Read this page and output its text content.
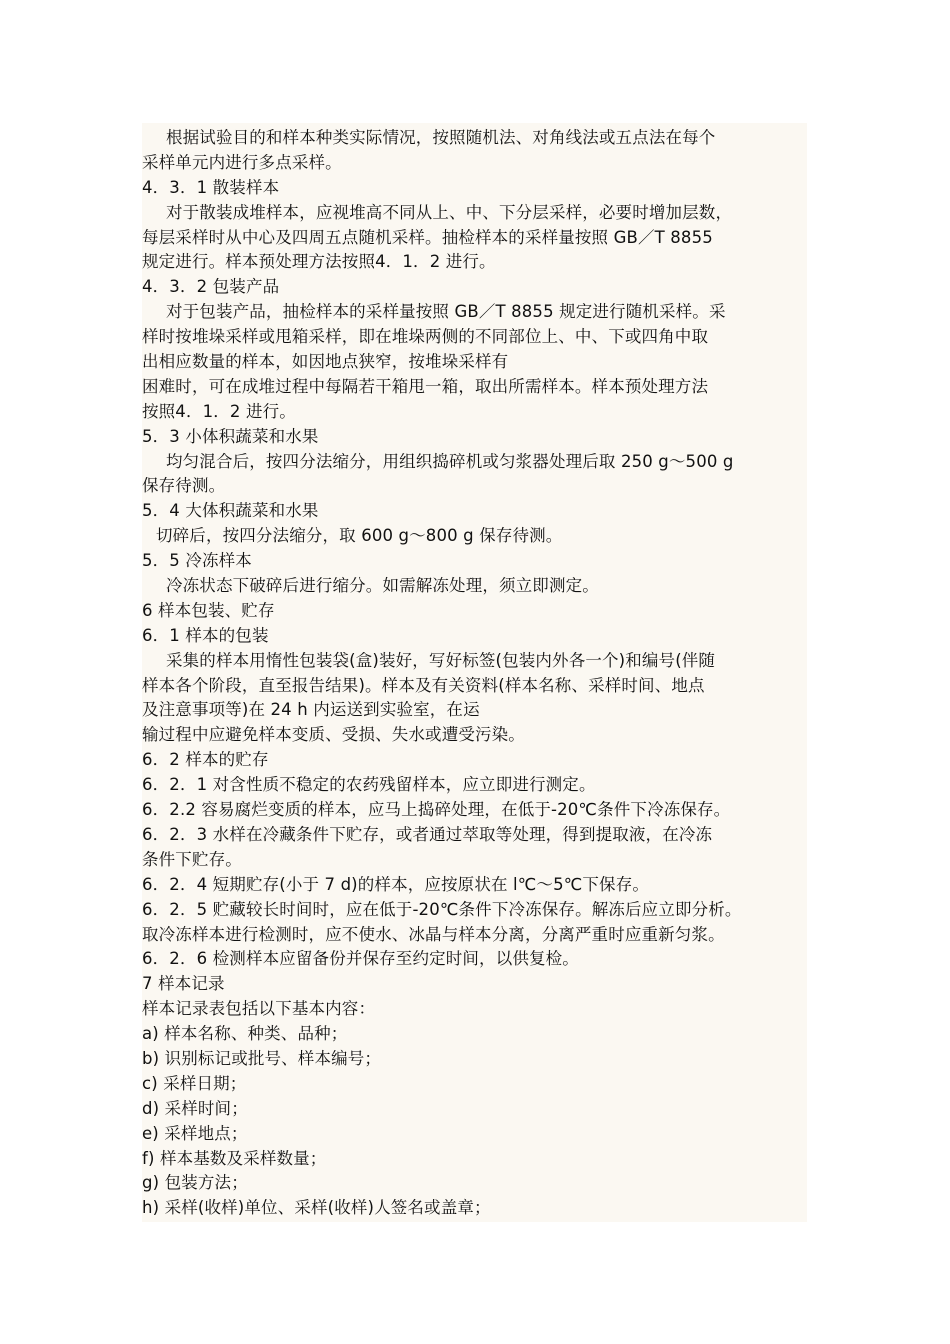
根据试验目的和样本种类实际情况，按照随机法、对角线法或五点法在每个
采样单元内进行多点采样。
4．3．1 散装样本
对于散装成堆样本，应视堆高不同从上、中、下分层采样，必要时增加层数，
每层采样时从中心及四周五点随机采样。抽检样本的采样量按照 GB／T 8855
规定进行。样本预处理方法按照4．1．2 进行。
4．3．2 包装产品
对于包装产品，抽检样本的采样量按照 GB／T 8855 规定进行随机采样。采
样时按堆垛采样或甩箱采样，即在堆垛两侧的不同部位上、中、下或四角中取
出相应数量的样本，如因地点狭窄，按堆垛采样有
困难时，可在成堆过程中每隔若干箱甩一箱，取出所需样本。样本预处理方法
按照4．1．2 进行。
5．3 小体积蔬菜和水果
均匀混合后，按四分法缩分，用组织捣碎机或匀浆器处理后取 250 g～500 g
保存待测。
5．4 大体积蔬菜和水果
切碎后，按四分法缩分，取 600 g～800 g 保存待测。
5．5 冷冻样本
冷冻状态下破碎后进行缩分。如需解冻处理，须立即测定。
6 样本包装、贮存
6．1 样本的包装
采集的样本用惰性包装袋(盒)装好，写好标签(包装内外各一个)和编号(伴随
样本各个阶段，直至报告结果)。样本及有关资料(样本名称、采样时间、地点
及注意事项等)在 24 h 内运送到实验室，在运
输过程中应避免样本变质、受损、失水或遭受污染。
6．2 样本的贮存
6．2．1 对含性质不稳定的农药残留样本，应立即进行测定。
6．2.2 容易腐烂变质的样本，应马上捣碎处理，在低于-20℃条件下冷冻保存。
6．2．3 水样在冷藏条件下贮存，或者通过萃取等处理，得到提取液，在冷冻
条件下贮存。
6．2．4 短期贮存(小于 7 d)的样本，应按原状在 l℃～5℃下保存。
6．2．5 贮藏较长时间时，应在低于-20℃条件下冷冻保存。解冻后应立即分析。
取冷冻样本进行检测时，应不使水、冰晶与样本分离，分离严重时应重新匀浆。
6．2．6 检测样本应留备份并保存至约定时间，以供复检。
7 样本记录
样本记录表包括以下基本内容：
a) 样本名称、种类、品种；
b) 识别标记或批号、样本编号；
c) 采样日期；
d) 采样时间；
e) 采样地点；
f) 样本基数及采样数量；
g) 包装方法；
h) 采样(收样)单位、采样(收样)人签名或盖章；
